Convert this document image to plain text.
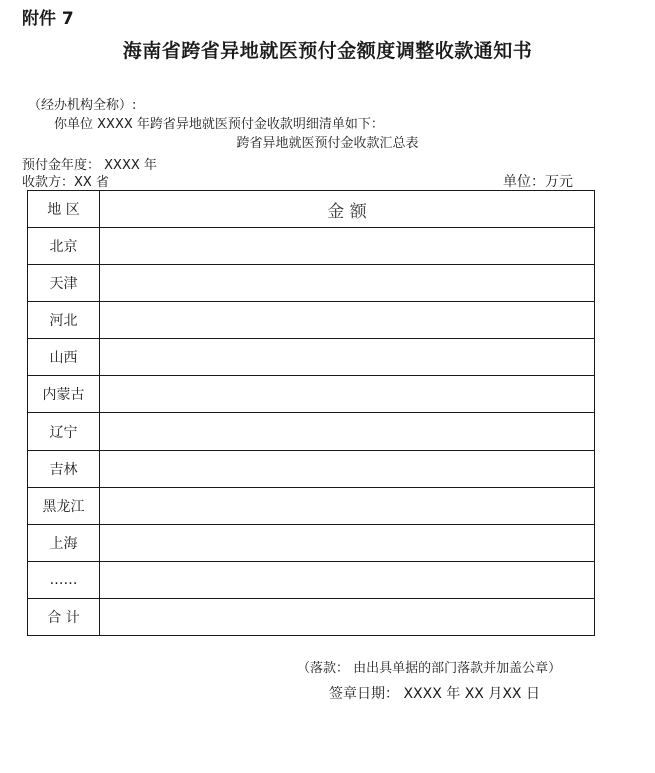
附件 7
海南省跨省异地就医预付金额度调整收款通知书
（经办机构全称）:
你单位 XXXX 年跨省异地就医预付金收款明细清单如下：
跨省异地就医预付金收款汇总表
预付金年度： XXXX 年
收款方：XX 省	单位：万元
地 区	金 额
北京	
天津	
河北	
山西	
内蒙古	
辽宁	
吉林	
黑龙江	
上海	
……	
合 计	
（落款： 由出具单据的部门落款并加盖公章）
签章日期： XXXX 年 XX 月XX 日
